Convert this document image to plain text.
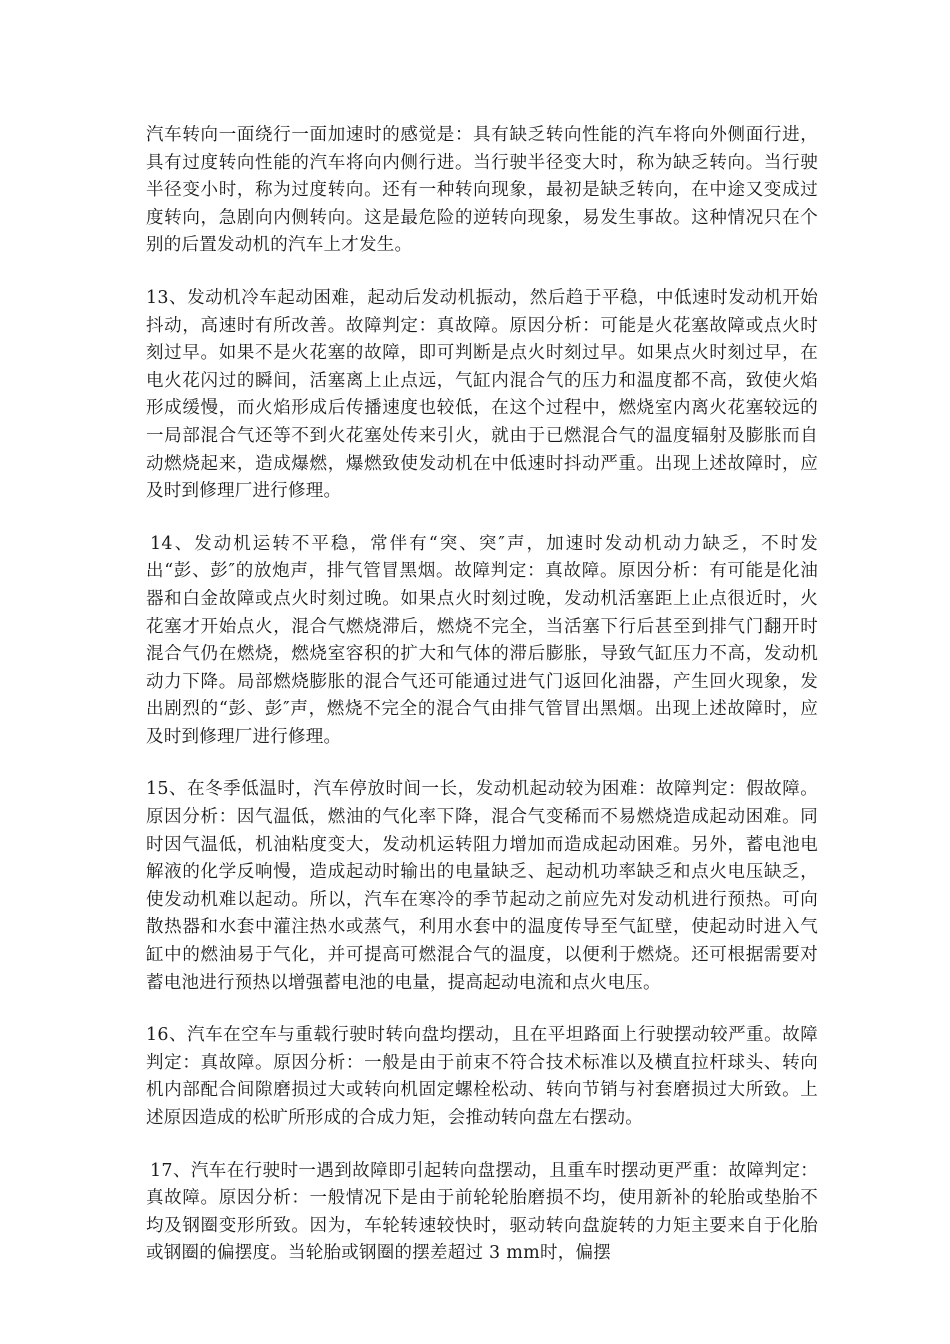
汽车转向一面绕行一面加速时的感觉是：具有缺乏转向性能的汽车将向外侧面行进，具有过度转向性能的汽车将向内侧行进。当行驶半径变大时，称为缺乏转向。当行驶半径变小时，称为过度转向。还有一种转向现象，最初是缺乏转向，在中途又变成过度转向，急剧向内侧转向。这是最危险的逆转向现象，易发生事故。这种情况只在个别的后置发动机的汽车上才发生。

13、发动机冷车起动困难，起动后发动机振动，然后趋于平稳，中低速时发动机开始抖动，高速时有所改善。故障判定：真故障。原因分析：可能是火花塞故障或点火时刻过早。如果不是火花塞的故障，即可判断是点火时刻过早。如果点火时刻过早，在电火花闪过的瞬间，活塞离上止点远，气缸内混合气的压力和温度都不高，致使火焰形成缓慢，而火焰形成后传播速度也较低，在这个过程中，燃烧室内离火花塞较远的一局部混合气还等不到火花塞处传来引火，就由于已燃混合气的温度辐射及膨胀而自动燃烧起来，造成爆燃，爆燃致使发动机在中低速时抖动严重。出现上述故障时，应及时到修理厂进行修理。

14、发动机运转不平稳，常伴有“突、突″声，加速时发动机动力缺乏，不时发出“彭、彭″的放炮声，排气管冒黑烟。故障判定：真故障。原因分析：有可能是化油器和白金故障或点火时刻过晚。如果点火时刻过晚，发动机活塞距上止点很近时，火花塞才开始点火，混合气燃烧滞后，燃烧不完全，当活塞下行后甚至到排气门翻开时混合气仍在燃烧，燃烧室容积的扩大和气体的滞后膨胀，导致气缸压力不高，发动机动力下降。局部燃烧膨胀的混合气还可能通过进气门返回化油器，产生回火现象，发出剧烈的“彭、彭″声，燃烧不完全的混合气由排气管冒出黑烟。出现上述故障时，应及时到修理厂进行修理。

15、在冬季低温时，汽车停放时间一长，发动机起动较为困难：故障判定：假故障。原因分析：因气温低，燃油的气化率下降，混合气变稀而不易燃烧造成起动困难。同时因气温低，机油粘度变大，发动机运转阻力增加而造成起动困难。另外，蓄电池电解液的化学反响慢，造成起动时输出的电量缺乏、起动机功率缺乏和点火电压缺乏，使发动机难以起动。所以，汽车在寒冷的季节起动之前应先对发动机进行预热。可向散热器和水套中灌注热水或蒸气，利用水套中的温度传导至气缸壁，使起动时进入气缸中的燃油易于气化，并可提高可燃混合气的温度，以便利于燃烧。还可根据需要对蓄电池进行预热以增强蓄电池的电量，提高起动电流和点火电压。

16、汽车在空车与重载行驶时转向盘均摆动，且在平坦路面上行驶摆动较严重。故障判定：真故障。原因分析：一般是由于前束不符合技术标准以及横直拉杆球头、转向机内部配合间隙磨损过大或转向机固定螺栓松动、转向节销与衬套磨损过大所致。上述原因造成的松旷所形成的合成力矩，会推动转向盘左右摆动。

17、汽车在行驶时一遇到故障即引起转向盘摆动，且重车时摆动更严重：故障判定：真故障。原因分析：一般情况下是由于前轮轮胎磨损不均，使用新补的轮胎或垫胎不均及钢圈变形所致。因为，车轮转速较快时，驱动转向盘旋转的力矩主要来自于化胎或钢圈的偏摆度。当轮胎或钢圈的摆差超过 3 mm时，偏摆
